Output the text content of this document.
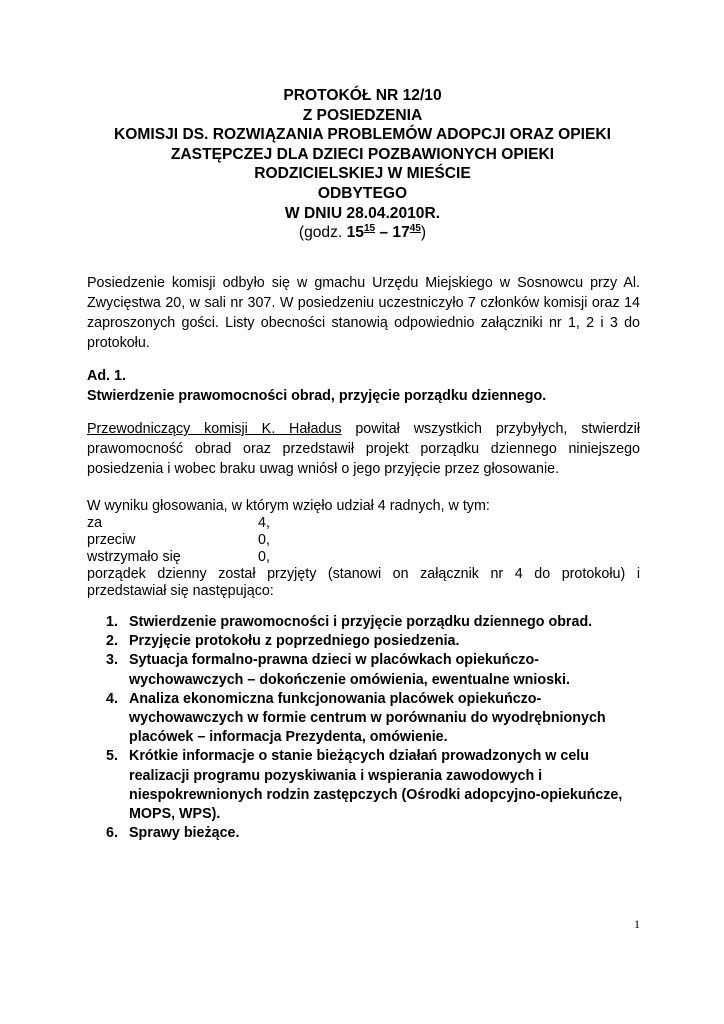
PROTOKÓŁ NR 12/10
Z POSIEDZENIA
KOMISJI DS. ROZWIĄZANIA PROBLEMÓW ADOPCJI ORAZ OPIEKI
ZASTĘPCZEJ DLA DZIECI POZBAWIONYCH OPIEKI
RODZICIELSKIEJ W MIEŚCIE
ODBYTEGO
W DNIU 28.04.2010R.
(godz. $15^{15} - 17^{45}$)

Posiedzenie komisji odbyło się w gmachu Urzędu Miejskiego w Sosnowcu przy Al. Zwycięstwa 20, w sali nr 307. W posiedzeniu uczestniczyło 7 członków komisji oraz 14 zaproszonych gości. Listy obecności stanowią odpowiednio załączniki nr 1, 2 i 3 do protokołu.

Ad. 1.
Stwierdzenie prawomocności obrad, przyjęcie porządku dziennego.

Przewodniczący komisji K. Haładus powitał wszystkich przybyłych, stwierdził prawomocność obrad oraz przedstawił projekt porządku dziennego niniejszego posiedzenia i wobec braku uwag wniósł o jego przyjęcie przez głosowanie.

W wyniku głosowania, w którym wzięło udział 4 radnych, w tym:
za	4,
przeciw	0,
wstrzymało się	0,
porządek dzienny został przyjęty (stanowi on załącznik nr 4 do protokołu) i przedstawiał się następująco:
1. Stwierdzenie prawomocności i przyjęcie porządku dziennego obrad.
2. Przyjęcie protokołu z poprzedniego posiedzenia.
3. Sytuacja formalno-prawna dzieci w placówkach opiekuńczo-wychowawczych – dokończenie omówienia, ewentualne wnioski.
4. Analiza ekonomiczna funkcjonowania placówek opiekuńczo-wychowawczych w formie centrum w porównaniu do wyodrębnionych placówek – informacja Prezydenta, omówienie.
5. Krótkie informacje o stanie bieżących działań prowadzonych w celu realizacji programu pozyskiwania i wspierania zawodowych i niespokrewnionych rodzin zastępczych (Ośrodki adopcyjno-opiekuńcze, MOPS, WPS).
6. Sprawy bieżące.
1
